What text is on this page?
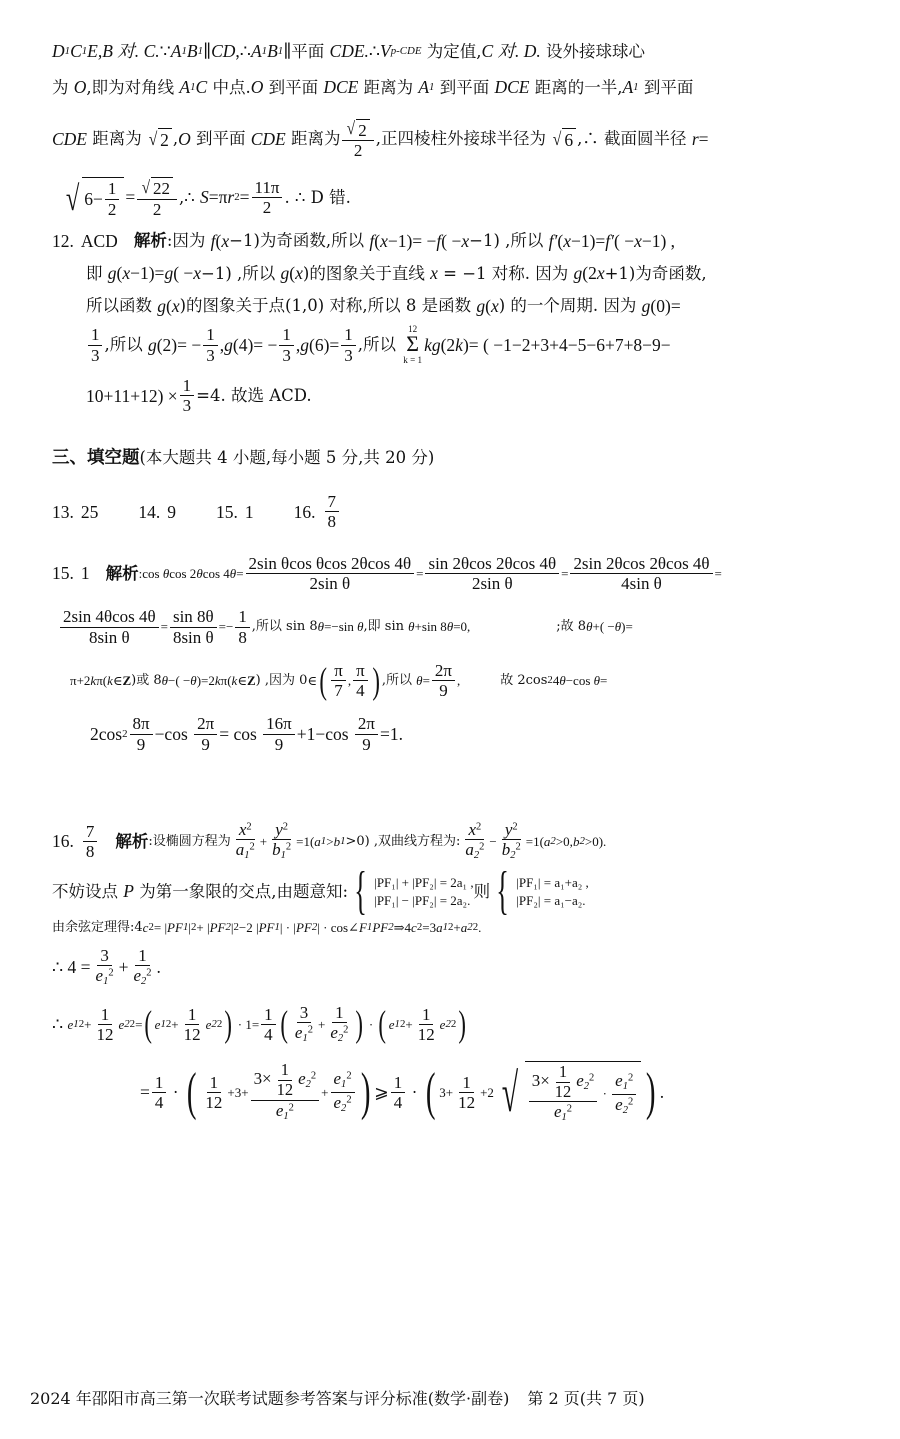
D 1 C 1 E,B 对. C. ∵ A 1 B 1 ∥ CD ,∴ A 1 B 1 ∥ 平面 CDE. ∴ V p-CDE 为定值, C 对. D. 设外接球球心
为 O ,即为对角线 A 1 C 中点. O 到平面 DCE 距离为 A 1 到平面 DCE 距离的一半, A 1 到平面
CDE 距离为 √ 2 , O 到平面 CDE 距离为 $\frac{√ 2}{2}$ ,正四棱柱外接球半径为 √ 6 ,∴ 截面圆半径 r =
√ $6- \frac{1}{2} = \frac{√ 22}{2}$ ,∴ S =π r $2 = \frac{11\pi}{2}$ . ∴ D 错.
12. ACD 解析 :因为 f ( x −1)为奇函数,所以 f ( x −1)= − f ( − x −1) ,所以 f′ ( x −1)= f′ ( − x −1) ,
即 g ( x −1)= g ( − x −1) ,所以 g ( x )的图象关于直线 x = −1 对称. 因为 g (2 x +1)为奇函数,
所以函数 g ( x )的图象关于点(1,0) 对称,所以 8 是函数 g ( x ) 的一个周期. 因为 g (0)=
$\frac{1}{3}$ ,所以 g $(2)= - \frac{1}{3}$ , g $(4)= - \frac{1}{3}$ , g $(6)= \frac{1}{3}$ ,所以
12
Σ
k = 1
k g (2 k )= ( −1−2+3+4−5−6+7+8−9−
$10+11+12) \times \frac{1}{3} =4$. 故选 ACD.
三、填空题 (本大题共 4 小题,每小题 5 分,共 20 分)
13. 25 14. 9 15. 1 16. $\frac{7}{8}$
15. 1 解析 :cos θ cos 2 θ cos 4 $\theta = \frac{\text{2sin θcos θcos 2θcos 4θ}}{\text{2sin θ}} = \frac{\sin 2\theta\cos 2\theta\cos 4\theta}{\text{2sin θ}} = \frac{2\sin 2\theta\cos 2\theta\cos 4\theta}{\text{4sin θ}}$ =
$\frac{2\sin 4\theta\cos 4\theta}{\text{8sin θ}} = \frac{\sin 8\theta}{\text{8sin θ}} =- \frac{1}{8}$ ,所以 sin 8 θ =−sin θ ,即 sin θ +sin 8 θ =0,	;故 8 θ +( − θ )=
π+2 k π( k ∈ Z )或 8 θ −( − θ )=2 k π( k ∈ Z ) ,因为 0 ∈ ( $\frac{\pi}{7}$ , $\frac{\pi}{4}$ ) ,所以 $\theta = \frac{2\pi}{9}$ ,	故 2cos 2 4 θ −cos θ =
2cos $2 \frac{8\pi}{9} -\cos \frac{2\pi}{9} = \cos \frac{16\pi}{9} +1-\cos \frac{2\pi}{9} =1$.
16. $\frac{7}{8}$ 解析 :设椭圆方程为 $\frac{x^2}{a_1^2} + \frac{y^2}{b_1^2} =1$( a 1 > b 1 >0) ,双曲线方程为: $\frac{x^2}{a_2^2} - \frac{y^2}{b_2^2} =1$( a 2 >0, b 2 >0).
不妨设点 P 为第一象限的交点,由题意知: { |PF₁| + |PF₂| = 2a₁ ,
|PF₁| − |PF₂| = 2a₂. 则 { |PF₁| = a₁+a₂ ,
|PF₂| = a₁−a₂.
由余弦定理得:4 c 2 = | PF 1 | 2 + | PF 2 | 2 −2 | PF 1 | · | PF 2 | · cos∠ F 1 PF 2 ⇒4 c 2 =3 a 1 2 + a 2 2 .
∴ $4 = \frac{3}{e_1^2} + \frac{1}{e_2^2}$ .
∴ e 1 $2 + \frac{1}{12}$ e 2 2 = ( e 1 $2 + \frac{1}{12}$ e 2 2 ) · $1= \frac{1}{4}$ ( $\frac{3}{e_1^2} + \frac{1}{e_2^2}$ ) · ( e 1 $2 + \frac{1}{12}$ e 2 2 )
= $\frac{1}{4}$ · ( $\frac{1}{12} +3+ \frac{3\times \frac{1}{12} e_2^2}{e_1^2} + \frac{e_1^2}{e_2^2}$ ) ⩾ $\frac{1}{4}$ · ( $3+ \frac{1}{12} +2$ √ $\frac{3\times \frac{1}{12} e_2^2}{e_1^2} \cdot \frac{e_1^2}{e_2^2}$ ) .
2024 年邵阳市高三第一次联考试题参考答案与评分标准(数学·副卷) 第 2 页(共 7 页)
